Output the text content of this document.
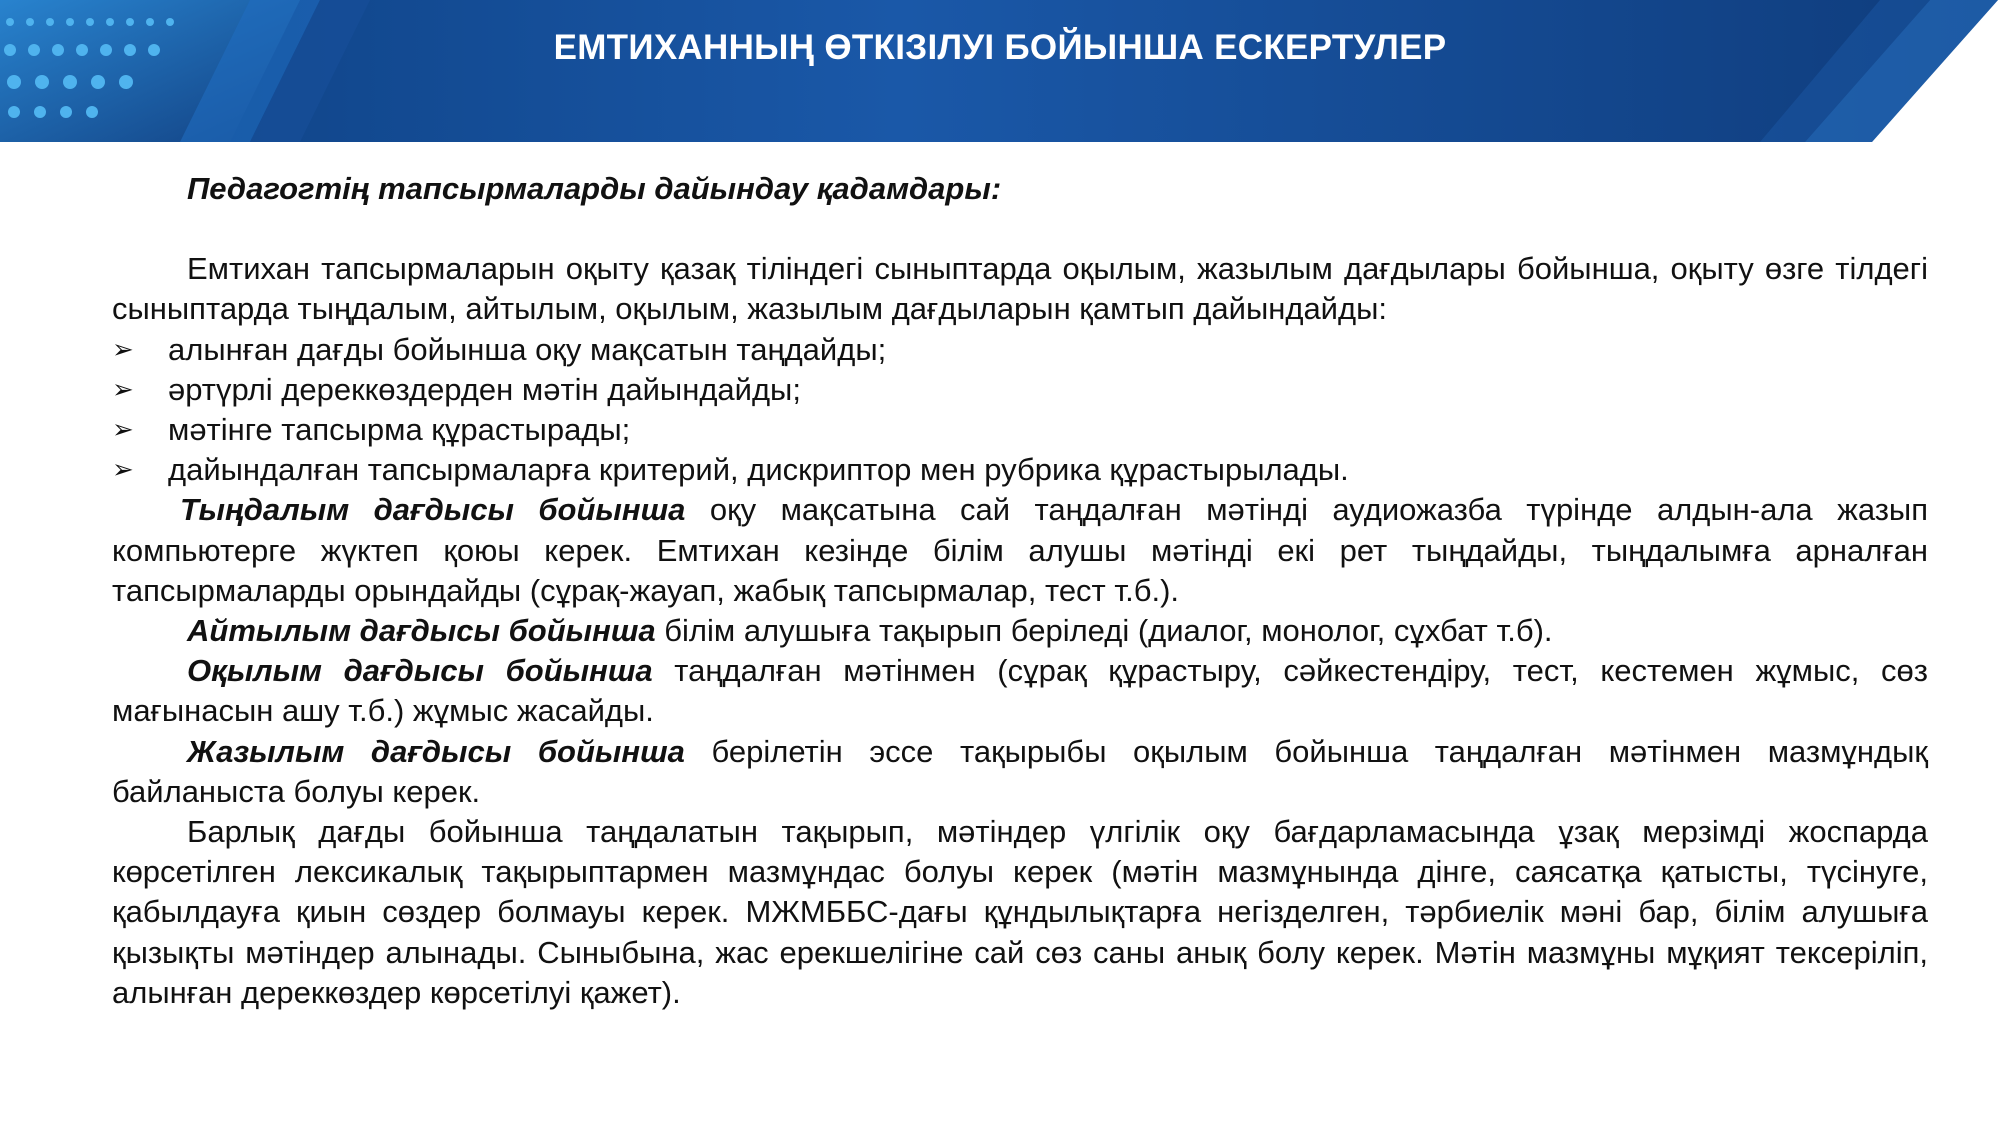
ЕМТИХАННЫҢ ӨТКІЗІЛУІ БОЙЫНША ЕСКЕРТУЛЕР

Педагогтің тапсырмаларды дайындау қадамдары:

Емтихан тапсырмаларын оқыту қазақ тіліндегі сыныптарда оқылым, жазылым дағдылары бойынша, оқыту өзге тілдегі сыныптарда тыңдалым, айтылым, оқылым, жазылым дағдыларын қамтып дайындайды:

➢ алынған дағды бойынша оқу мақсатын таңдайды;
➢ әртүрлі дереккөздерден мәтін дайындайды;
➢ мәтінге тапсырма құрастырады;
➢ дайындалған тапсырмаларға критерий, дискриптор мен рубрика құрастырылады.

Тыңдалым дағдысы бойынша оқу мақсатына сай таңдалған мәтінді аудиожазба түрінде алдын-ала жазып компьютерге жүктеп қоюы керек. Емтихан кезінде білім алушы мәтінді екі рет тыңдайды, тыңдалымға арналған тапсырмаларды орындайды (сұрақ-жауап, жабық тапсырмалар, тест т.б.).

Айтылым дағдысы бойынша білім алушыға тақырып беріледі (диалог, монолог, сұхбат т.б).

Оқылым дағдысы бойынша таңдалған мәтінмен (сұрақ құрастыру, сәйкестендіру, тест, кестемен жұмыс, сөз мағынасын ашу т.б.) жұмыс жасайды.

Жазылым дағдысы бойынша берілетін эссе тақырыбы оқылым бойынша таңдалған мәтінмен мазмұндық байланыста болуы керек.

Барлық дағды бойынша таңдалатын тақырып, мәтіндер үлгілік оқу бағдарламасында ұзақ мерзімді жоспарда көрсетілген лексикалық тақырыптармен мазмұндас болуы керек (мәтін мазмұнында дінге, саясатқа қатысты, түсінуге, қабылдауға қиын сөздер болмауы керек. МЖМББС-дағы құндылықтарға негізделген, тәрбиелік мәні бар, білім алушыға қызықты мәтіндер алынады. Сыныбына, жас ерекшелігіне сай сөз саны анық болу керек. Мәтін мазмұны мұқият тексеріліп, алынған дереккөздер көрсетілуі қажет).
